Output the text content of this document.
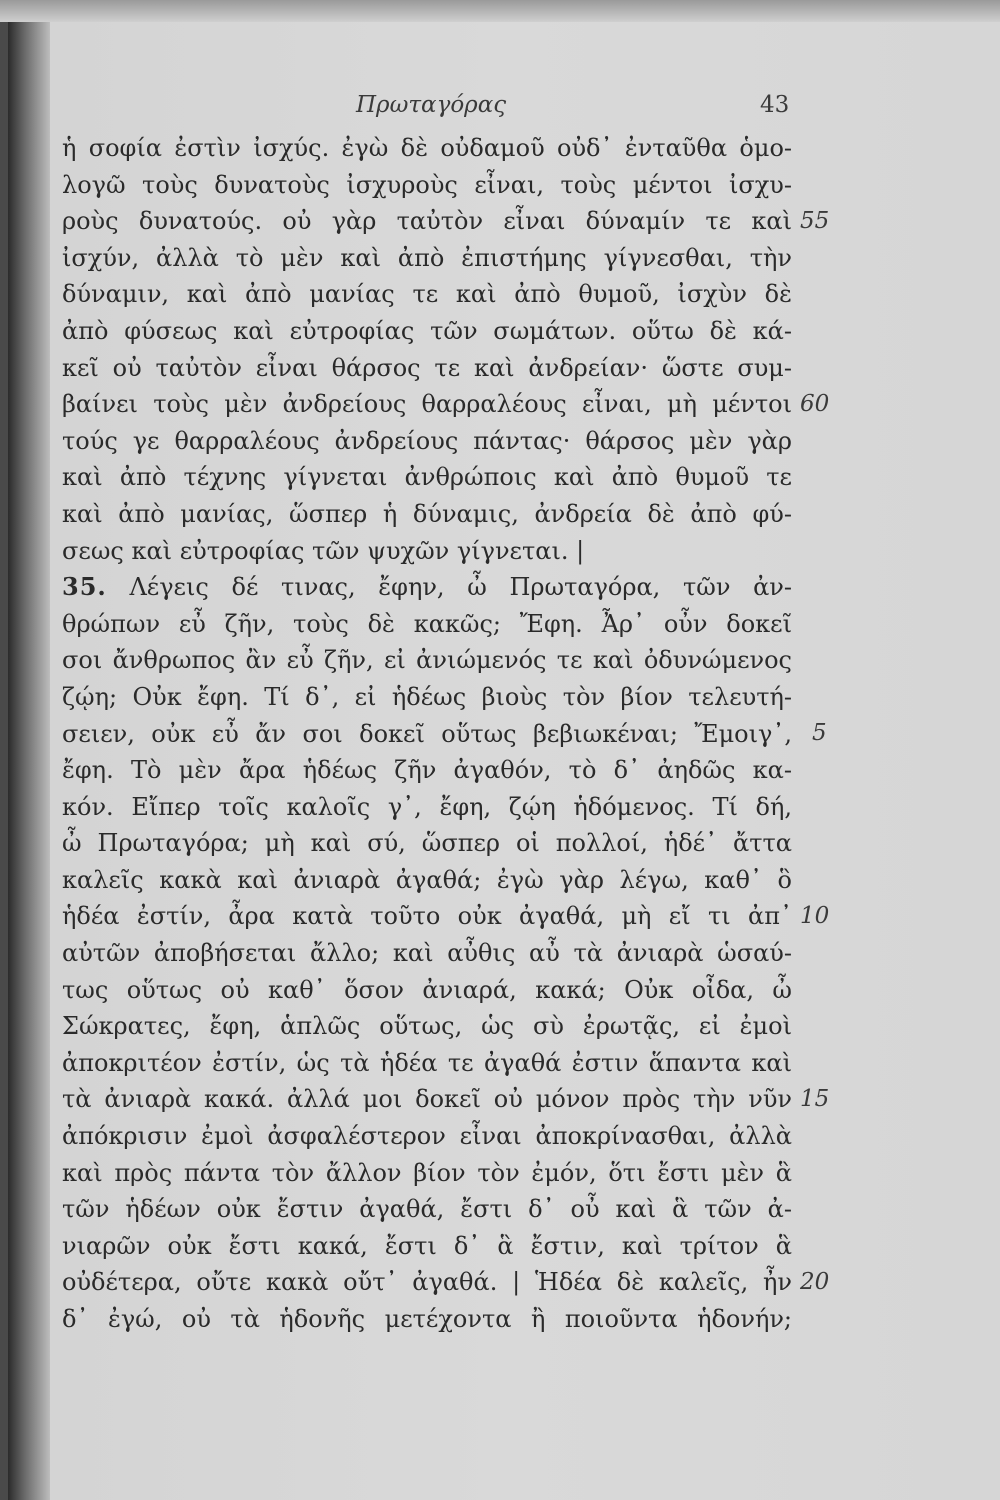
Πρωταγόρας	43
ἡ σοφία ἐστὶν ἰσχύς. ἐγὼ δὲ οὐδαμοῦ οὐδ᾽ ἐνταῦθα ὁμο-
λογῶ τοὺς δυνατοὺς ἰσχυροὺς εἶναι, τοὺς μέντοι ἰσχυ-
ροὺς δυνατούς. οὐ γὰρ ταὐτὸν εἶναι δύναμίν τε καὶ
ἰσχύν, ἀλλὰ τὸ μὲν καὶ ἀπὸ ἐπιστήμης γίγνεσθαι, τὴν
δύναμιν, καὶ ἀπὸ μανίας τε καὶ ἀπὸ θυμοῦ, ἰσχὺν δὲ
ἀπὸ φύσεως καὶ εὐτροφίας τῶν σωμάτων. οὕτω δὲ κά-
κεῖ οὐ ταὐτὸν εἶναι θάρσος τε καὶ ἀνδρείαν· ὥστε συμ-
βαίνει τοὺς μὲν ἀνδρείους θαρραλέους εἶναι, μὴ μέντοι
τούς γε θαρραλέους ἀνδρείους πάντας· θάρσος μὲν γὰρ
καὶ ἀπὸ τέχνης γίγνεται ἀνθρώποις καὶ ἀπὸ θυμοῦ τε
καὶ ἀπὸ μανίας, ὥσπερ ἡ δύναμις, ἀνδρεία δὲ ἀπὸ φύ-
σεως καὶ εὐτροφίας τῶν ψυχῶν γίγνεται. |
35. Λέγεις δέ τινας, ἔφην, ὦ Πρωταγόρα, τῶν ἀν-
θρώπων εὖ ζῆν, τοὺς δὲ κακῶς; Ἔφη. Ἆρ᾽ οὖν δοκεῖ
σοι ἄνθρωπος ἂν εὖ ζῆν, εἰ ἀνιώμενός τε καὶ ὀδυνώμενος
ζῴη; Οὐκ ἔφη. Τί δ᾽, εἰ ἡδέως βιοὺς τὸν βίον τελευτή-
σειεν, οὐκ εὖ ἄν σοι δοκεῖ οὕτως βεβιωκέναι; Ἔμοιγ᾽,
ἔφη. Τὸ μὲν ἄρα ἡδέως ζῆν ἀγαθόν, τὸ δ᾽ ἀηδῶς κα-
κόν. Εἴπερ τοῖς καλοῖς γ᾽, ἔφη, ζῴη ἡδόμενος. Τί δή,
ὦ Πρωταγόρα; μὴ καὶ σύ, ὥσπερ οἱ πολλοί, ἡδέ᾽ ἄττα
καλεῖς κακὰ καὶ ἀνιαρὰ ἀγαθά; ἐγὼ γὰρ λέγω, καθ᾽ ὃ
ἡδέα ἐστίν, ἆρα κατὰ τοῦτο οὐκ ἀγαθά, μὴ εἴ τι ἀπ᾽
αὐτῶν ἀποβήσεται ἄλλο; καὶ αὖθις αὖ τὰ ἀνιαρὰ ὡσαύ-
τως οὕτως οὐ καθ᾽ ὅσον ἀνιαρά, κακά; Οὐκ οἶδα, ὦ
Σώκρατες, ἔφη, ἁπλῶς οὕτως, ὡς σὺ ἐρωτᾷς, εἰ ἐμοὶ
ἀποκριτέον ἐστίν, ὡς τὰ ἡδέα τε ἀγαθά ἐστιν ἅπαντα καὶ
τὰ ἀνιαρὰ κακά. ἀλλά μοι δοκεῖ οὐ μόνον πρὸς τὴν νῦν
ἀπόκρισιν ἐμοὶ ἀσφαλέστερον εἶναι ἀποκρίνασθαι, ἀλλὰ
καὶ πρὸς πάντα τὸν ἄλλον βίον τὸν ἐμόν, ὅτι ἔστι μὲν ἃ
τῶν ἡδέων οὐκ ἔστιν ἀγαθά, ἔστι δ᾽ οὖ καὶ ἃ τῶν ἀ-
νιαρῶν οὐκ ἔστι κακά, ἔστι δ᾽ ἃ ἔστιν, καὶ τρίτον ἃ
οὐδέτερα, οὔτε κακὰ οὔτ᾽ ἀγαθά. | Ἡδέα δὲ καλεῖς, ἦν
δ᾽ ἐγώ, οὐ τὰ ἡδονῆς μετέχοντα ἢ ποιοῦντα ἡδονήν;
55
60
5
10
15
20
